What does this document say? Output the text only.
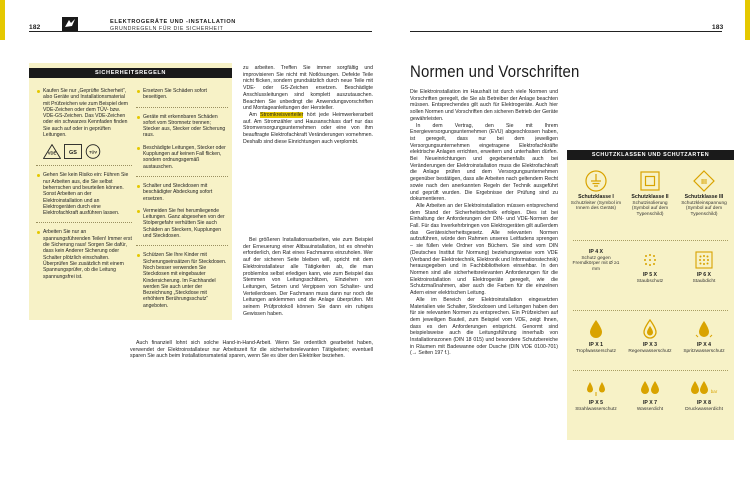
182	183
ELEKTROGERÄTE UND -INSTALLATION
GRUNDREGELN FÜR DIE SICHERHEIT
SICHERHEITSREGELN
Kaufen Sie nur „Geprüfte Sicherheit“, also Geräte und Installationsmaterial mit Prüfzeichen wie zum Beispiel dem VDE-Zeichen oder dem TÜV- bzw. VDE-GS-Zeichen. Das VDE-Zeichen oder ein schwarzes Kennfaden finden Sie auch auf oder in geprüften Leitungen.
VDE GS	TÜV
Gehen Sie kein Risiko ein: Führen Sie nur Arbeiten aus, die Sie selbst beherrschen und beurteilen können. Sonst Arbeiten an der Elektroinstallation und an Elektrogeräten durch eine Elektrofachkraft ausführen lassen.
Arbeiten Sie nur an spannungsführenden Teilen! Immer erst die Sicherung raus! Sorgen Sie dafür, dass kein Anderer Sicherung oder Schalter plötzlich einschalten. Überprüfen Sie zusätzlich mit einem Spannungsprüfer, ob die Leitung spannungsfrei ist.
Ersetzen Sie Schäden sofort beseitigen.
Geräte mit erkennbaren Schäden sofort vom Stromnetz trennen; Stecker aus, Stecker oder Sicherung raus.
Beschädigte Leitungen, Stecker oder Kupplungen auf keinen Fall flicken, sondern ordnungsgemäß austauschen.
Schalter und Steckdosen mit beschädigter Abdeckung sofort ersetzen.
Vermeiden Sie frei herumliegende Leitungen. Ganz abgesehen von der Stolpergefahr verhütten Sie auch Schäden an Steckern, Kupplungen und Steckdosen.
Schützen Sie Ihre Kinder mit Sicherungseinsätzen für Steckdosen. Noch besser verwenden Sie Steckdosen mit eingebauter Kindersicherung. Im Fachhandel werden Sie auch unter der Bezeichnung „Steckdose mit erhöhtem Berührungsschutz“ angeboten.

zu arbeiten. Treffen Sie immer sorgfältig und improvisieren Sie nicht mit Notlösungen. Defekte Teile nicht flicken, sondern grundsätzlich durch neue Teile mit VDE- oder GS-Zeichen ersetzen. Beschädigte Anschlussleitungen sind komplett auszutauschen. Beachten Sie unbedingt die Anwendungsvorschriften und Montageanleitungen der Hersteller.

Am Stromkreisverteiler hört jede Heimwerkerarbeit auf. Am Stromzähler und Hausanschluss darf nur das Stromversorgungsunternehmen oder eine von ihm beauftragte Elektrofachkraft Veränderungen vornehmen. Deshalb sind diese Einrichtungen auch verplombt.

Bei größeren Installationsarbeiten, wie zum Beispiel der Erneuerung einer Altbauinstallation, ist es ohnehin erforderlich, den Rat eines Fachmanns einzuholen. Wer auf der sicheren Seite bleiben will, spricht mit dem Elektroinstallateur alle Tätigkeiten ab, die man problemlos selbst erledigen kann, wie zum Beispiel das Stemmen von Leitungsschlitzen, Einziehen von Leitungen, Setzen und Vergipsen von Schalter- und Verteilerdosen. Der Fachmann muss dann nur noch die Leitungen anklemmen und die Anlage überprüfen. Mit seinem Prüfprotokoll können Sie dann ein ruhiges Gewissen haben.

Auch finanziell lohnt sich solche Hand-in-Hand-Arbeit. Wenn Sie ordentlich gearbeitet haben, verwendet der Elektroinstallateur nur Arbeitszeit für die sicherheitsrelevanten Tätigkeiten; eventuell sparen Sie auch beim Installationsmaterial sparen, wenn Sie es über den Elektriker beziehen.

Normen und Vorschriften

Die Elektroinstallation im Haushalt ist durch viele Normen und Vorschriften geregelt, die Sie als Betreiber der Anlage beachten müssen. Entsprechendes gilt auch für Elektrogeräte. Auch hier sollen Normen und Vorschriften den sicheren Betrieb der Geräte gewährleisten.

In dem Vertrag, den Sie mit Ihrem Energieversorgungsunternehmen (EVU) abgeschlossen haben, ist geregelt, dass nur bei dem jeweiligen Versorgungsunternehmen eingetragene Elektrofachkräfte elektrische Anlagen errichten, erweitern und unterhalten dürfen. Bei Neueinrichtungen und gegebenenfalls auch bei Veränderungen der Elektroinstallation muss die Elektrofachkraft die Anlage prüfen und dem Versorgungsunternehmen gegenüber bestätigen, dass alle Arbeiten nach geltendem Recht sowie nach den anerkannten Regeln der Technik ausgeführt und geprüft wurden. Die Ergebnisse der Prüfung sind zu dokumentieren.

Alle Arbeiten an der Elektroinstallation müssen entsprechend dem Stand der Sicherheitstechnik erfolgen. Dies ist bei Einhaltung der Anforderungen der DIN- und VDE-Normen der Fall. Für das Inverkehrbringen von Elektrogeräten gilt außerdem das Gerätesicherheitsgesetz. Alle relevanten Normen aufzuführen, würde den Rahmen unseres Leitfadens sprengen – sie füllen viele Ordner von Büchern. Sie sind vom DIN (Deutsches Institut für Normung) beziehungsweise vom VDE (Verband der Elektrotechnik, Elektronik und Informationstechnik) herausgegeben und in Fachbibliotheken einsehbar. In den Normen sind alle sicherheitsrelevanten Anforderungen für die Elektroinstallation und Elektrogeräte geregelt, wie die Schutzmaßnahmen, aber auch die Farben für die einzelnen Adern einer elektrischen Leitung.

Alle im Bereich der Elektroinstallation eingesetzten Materialien wie Schalter, Steckdosen und Leitungen haben den für sie relevanten Normen zu entsprechen. Ein Prüfzeichen auf dem jeweiligen Bauteil, zum Beispiel vom VDE, zeigt Ihnen, dass es den Anforderungen entspricht. Genormt sind beispielsweise auch die Leitungsführung innerhalb von Installationszonen (DIN 18 015) und besondere Schutzbereiche in Räumen mit Badewanne oder Dusche (DIN VDE 0100-701) (→ Seiten 197 f.).

SCHUTZKLASSEN UND SCHUTZARTEN
Schutzklasse I
Schutzleiter (Symbol im Innern des Geräts)
Schutzklasse II
Schutzisolierung (Symbol auf dem Typenschild)
III
Schutzklasse III
Schutzkleinspannung (Symbol auf dem Typenschild)
IP 4 X
Schutz gegen Fremdkörper mit Ø ≥1 mm
IP 5 X
Staubschutz
IP 6 X
Staubdicht
IP X 1
Tropfwasserschutz
IP X 3
Regenwasserschutz
IP X 4
Spritzwasserschutz
IP X 5
Strahlwasserschutz
IP X 7
Wasserdicht
bar
IP X 8
Druckwasserdicht
